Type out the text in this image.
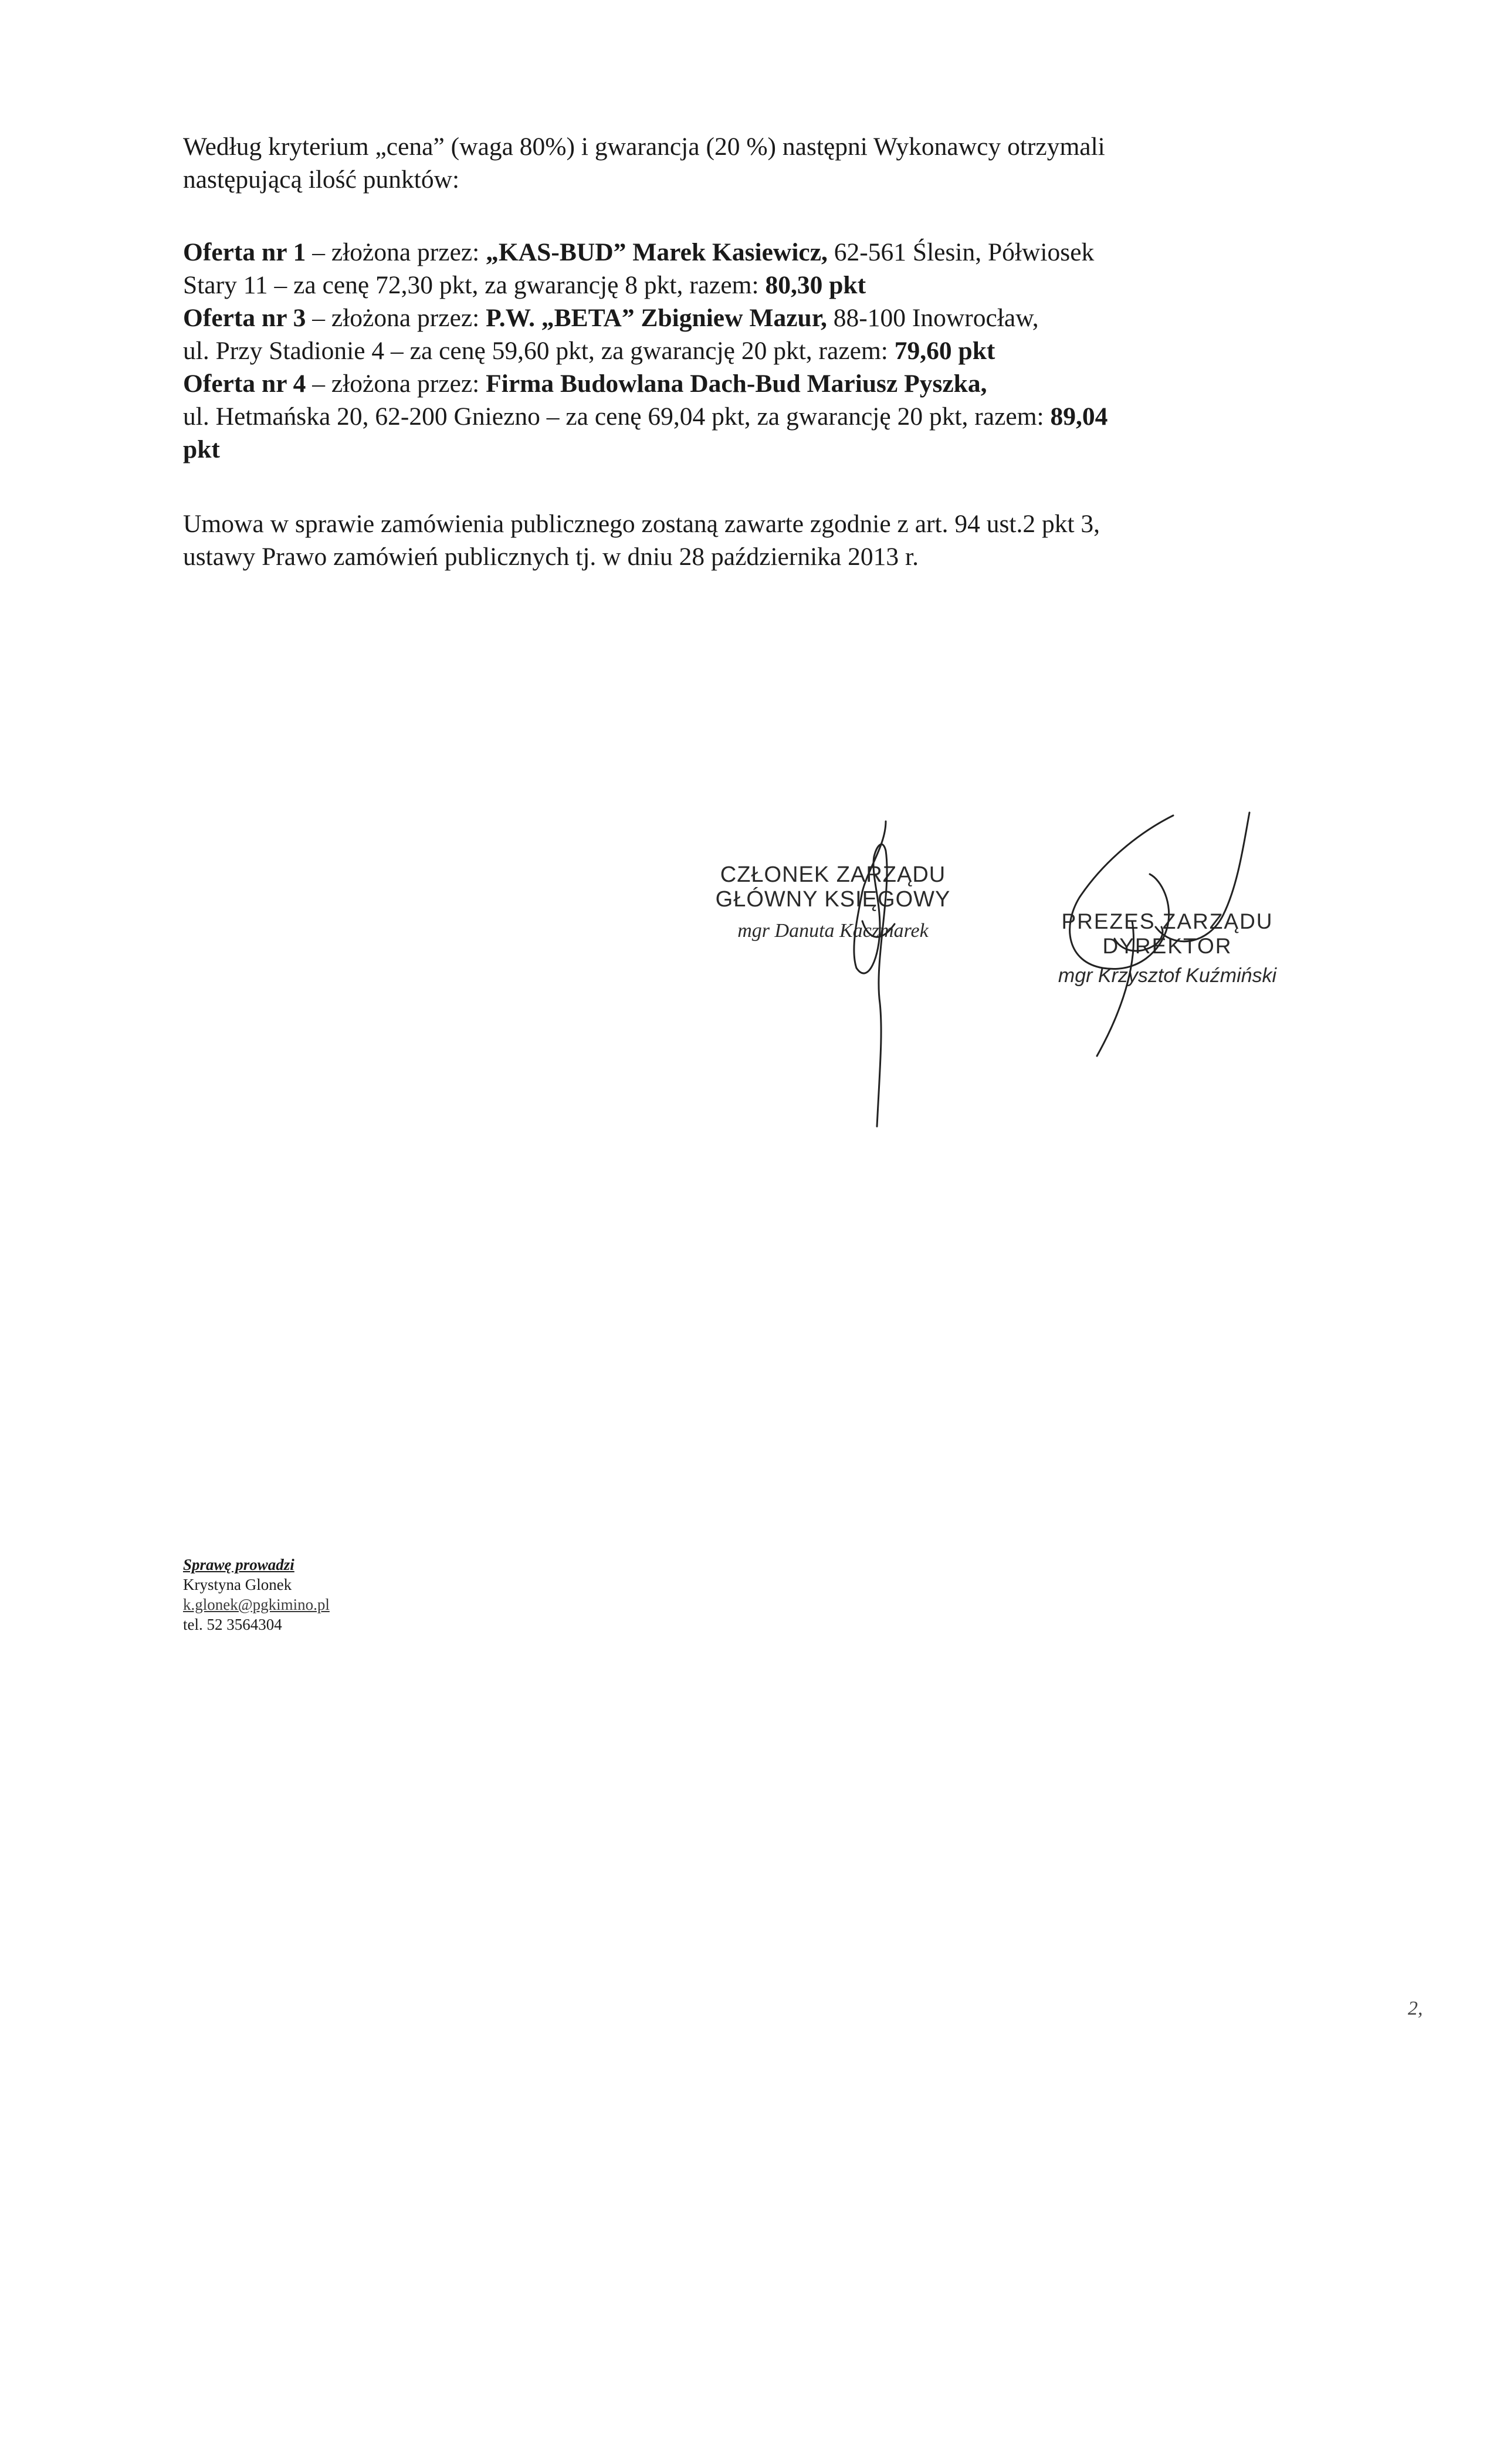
Według kryterium „cena” (waga 80%) i gwarancja (20 %) następni Wykonawcy otrzymali

następującą ilość punktów:

Oferta nr 1 – złożona przez: „KAS-BUD” Marek Kasiewicz, 62-561 Ślesin, Półwiosek

Stary 11 – za cenę 72,30 pkt, za gwarancję 8 pkt, razem: 80,30 pkt

Oferta nr 3 – złożona przez: P.W. „BETA” Zbigniew Mazur, 88-100 Inowrocław,

ul. Przy Stadionie 4 – za cenę 59,60 pkt, za gwarancję 20 pkt, razem: 79,60 pkt

Oferta nr 4 – złożona przez: Firma Budowlana Dach-Bud Mariusz Pyszka,

ul. Hetmańska 20, 62-200 Gniezno – za cenę 69,04 pkt, za gwarancję 20 pkt, razem: 89,04

pkt

Umowa w sprawie zamówienia publicznego zostaną zawarte zgodnie z art. 94 ust.2 pkt 3,

ustawy Prawo zamówień publicznych tj. w dniu 28 października 2013 r.

CZŁONEK ZARZĄDU
GŁÓWNY KSIĘGOWY
mgr Danuta Kaczmarek	PREZES ZARZĄDU
DYREKTOR
mgr Krzysztof Kuźmiński
Sprawę prowadzi
Krystyna Glonek
k.glonek@pgkimino.pl
tel. 52 3564304
2,
